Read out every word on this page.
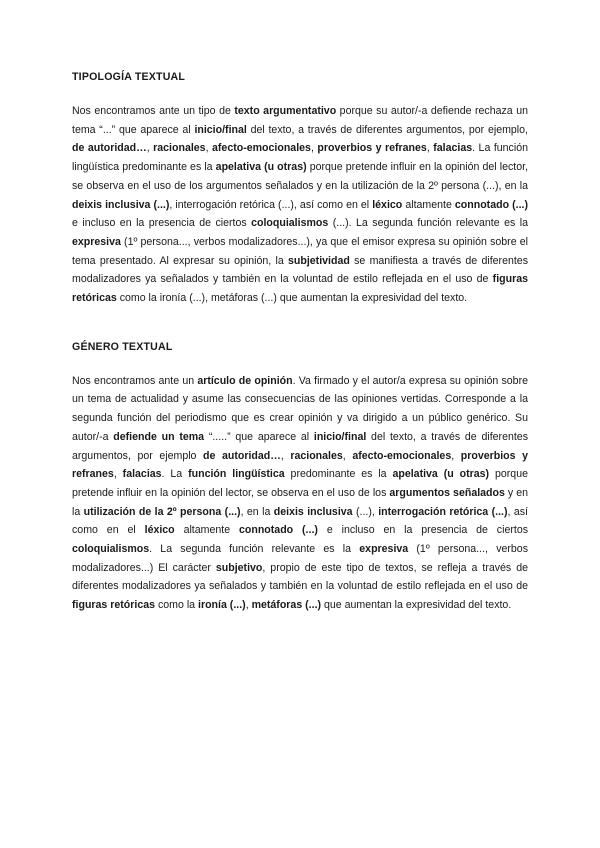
TIPOLOGÍA TEXTUAL

Nos encontramos ante un tipo de texto argumentativo porque su autor/-a defiende rechaza un tema “...” que aparece al inicio/final del texto, a través de diferentes argumentos, por ejemplo, de autoridad…, racionales, afecto-emocionales, proverbios y refranes, falacias. La función lingüística predominante es la apelativa (u otras) porque pretende influir en la opinión del lector, se observa en el uso de los argumentos señalados y en la utilización de la 2º persona (...), en la deixis inclusiva (...), interrogación retórica (...), así como en el léxico altamente connotado (...) e incluso en la presencia de ciertos coloquialismos (...). La segunda función relevante es la expresiva (1º persona..., verbos modalizadores...), ya que el emisor expresa su opinión sobre el tema presentado. Al expresar su opinión, la subjetividad se manifiesta a través de diferentes modalizadores ya señalados y también en la voluntad de estilo reflejada en el uso de figuras retóricas como la ironía (...), metáforas (...) que aumentan la expresividad del texto.

GÉNERO TEXTUAL

Nos encontramos ante un artículo de opinión. Va firmado y el autor/a expresa su opinión sobre un tema de actualidad y asume las consecuencias de las opiniones vertidas. Corresponde a la segunda función del periodismo que es crear opinión y va dirigido a un público genérico. Su autor/-a defiende un tema “.....” que aparece al inicio/final del texto, a través de diferentes argumentos, por ejemplo de autoridad…, racionales, afecto-emocionales, proverbios y refranes, falacias. La función lingüística predominante es la apelativa (u otras) porque pretende influir en la opinión del lector, se observa en el uso de los argumentos señalados y en la utilización de la 2º persona (...), en la deixis inclusiva (...), interrogación retórica (...), así como en el léxico altamente connotado (...) e incluso en la presencia de ciertos coloquialismos. La segunda función relevante es la expresiva (1º persona..., verbos modalizadores...) El carácter subjetivo, propio de este tipo de textos, se refleja a través de diferentes modalizadores ya señalados y también en la voluntad de estilo reflejada en el uso de figuras retóricas como la ironía (...), metáforas (...) que aumentan la expresividad del texto.
